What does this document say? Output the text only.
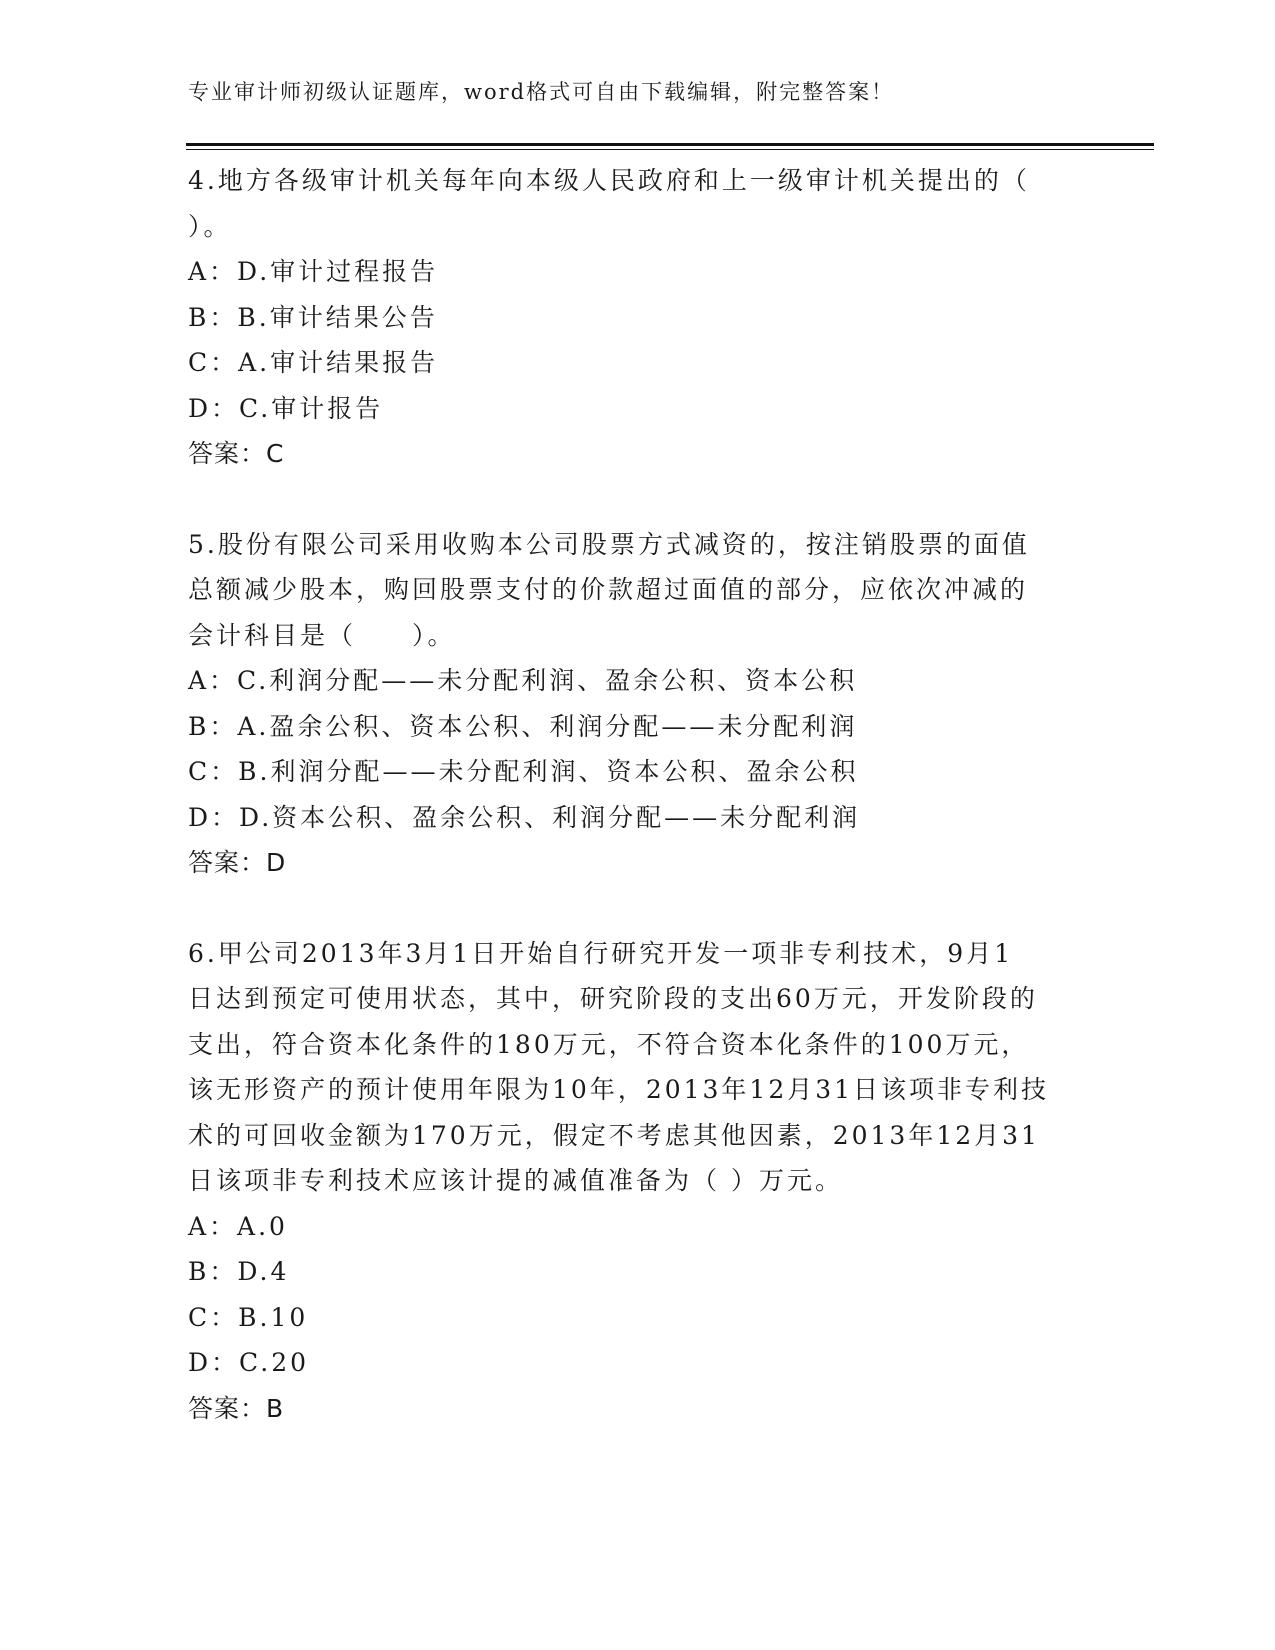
专业审计师初级认证题库，word格式可自由下载编辑，附完整答案！

4.地方各级审计机关每年向本级人民政府和上一级审计机关提出的（

）。

A：D.审计过程报告

B：B.审计结果公告

C：A.审计结果报告

D：C.审计报告

答案：C

5.股份有限公司采用收购本公司股票方式减资的，按注销股票的面值

总额减少股本，购回股票支付的价款超过面值的部分，应依次冲减的

会计科目是（　　）。

A：C.利润分配——未分配利润、盈余公积、资本公积

B：A.盈余公积、资本公积、利润分配——未分配利润

C：B.利润分配——未分配利润、资本公积、盈余公积

D：D.资本公积、盈余公积、利润分配——未分配利润

答案：D

6.甲公司2013年3月1日开始自行研究开发一项非专利技术，9月1

日达到预定可使用状态，其中，研究阶段的支出60万元，开发阶段的

支出，符合资本化条件的180万元，不符合资本化条件的100万元，

该无形资产的预计使用年限为10年，2013年12月31日该项非专利技

术的可回收金额为170万元，假定不考虑其他因素，2013年12月31

日该项非专利技术应该计提的减值准备为（ ）万元。

A：A.0

B：D.4

C：B.10

D：C.20

答案：B
